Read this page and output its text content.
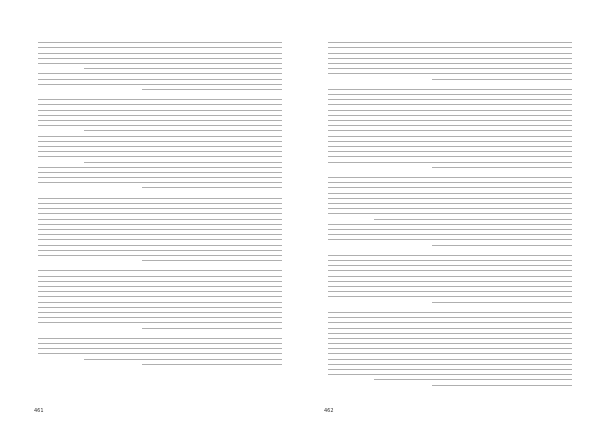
461	462
